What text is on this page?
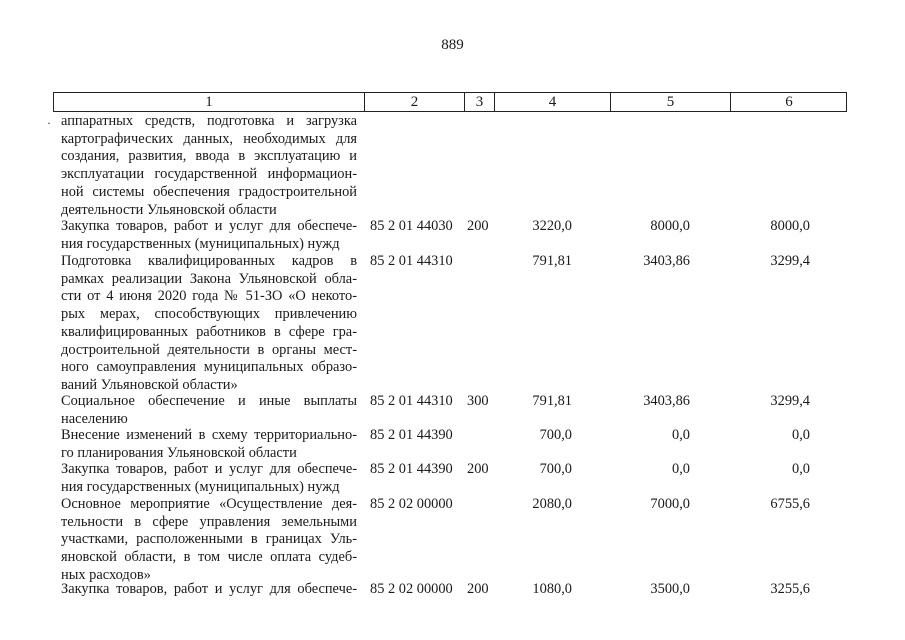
889
1	2	3	4	5	6
· аппаратных средств, подготовка и загрузка
картографических данных, необходимых для
создания, развития, ввода в эксплуатацию и
эксплуатации государственной информацион-
ной системы обеспечения градостроительной
деятельности Ульяновской области
Закупка товаров, работ и услуг для обеспече-
ния государственных (муниципальных) нужд
85 2 01 44030 200	3220,0	8000,0	8000,0
Подготовка квалифицированных кадров в
рамках реализации Закона Ульяновской обла-
сти от 4 июня 2020 года № 51-ЗО «О некото-
рых мерах, способствующих привлечению
квалифицированных работников в сфере гра-
достроительной деятельности в органы мест-
ного самоуправления муниципальных образо-
ваний Ульяновской области»
85 2 01 44310	791,81	3403,86	3299,4
Социальное обеспечение и иные выплаты
населению
85 2 01 44310 300	791,81	3403,86	3299,4
Внесение изменений в схему территориально-
го планирования Ульяновской области
85 2 01 44390	700,0	0,0	0,0
Закупка товаров, работ и услуг для обеспече-
ния государственных (муниципальных) нужд
85 2 01 44390 200	700,0	0,0	0,0
Основное мероприятие «Осуществление дея-
тельности в сфере управления земельными
участками, расположенными в границах Уль-
яновской области, в том числе оплата судеб-
ных расходов»
85 2 02 00000	2080,0	7000,0	6755,6
Закупка товаров, работ и услуг для обеспече- 85 2 02 00000 200	1080,0	3500,0	3255,6
